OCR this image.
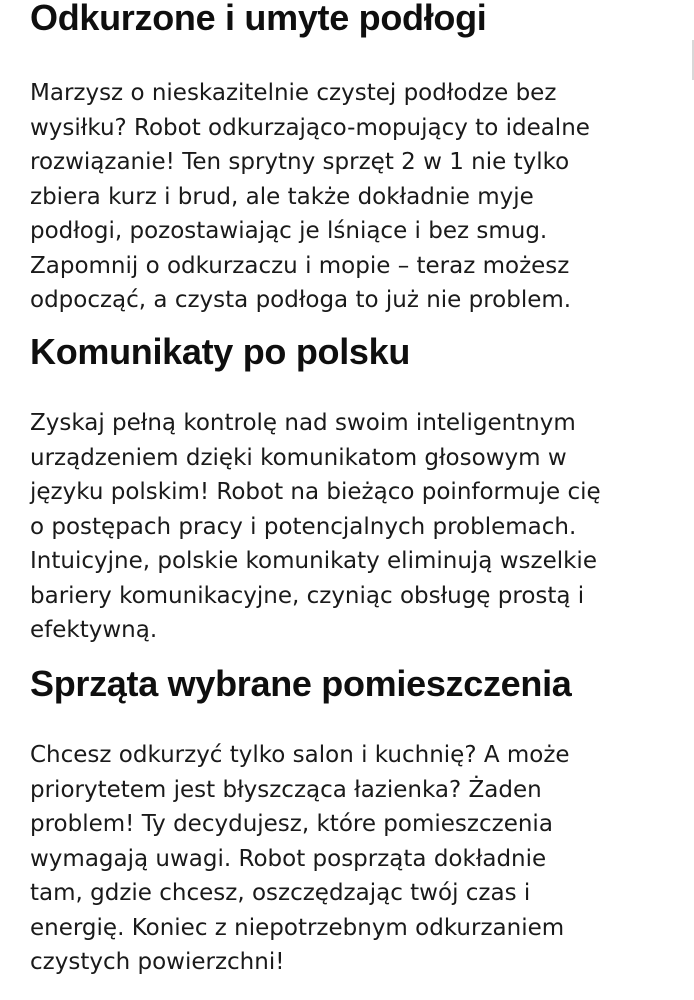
Odkurzone i umyte podłogi

Marzysz o nieskazitelnie czystej podłodze bez
wysiłku? Robot odkurzająco-mopujący to idealne
rozwiązanie! Ten sprytny sprzęt 2 w 1 nie tylko
zbiera kurz i brud, ale także dokładnie myje
podłogi, pozostawiając je lśniące i bez smug.
Zapomnij o odkurzaczu i mopie – teraz możesz
odpocząć, a czysta podłoga to już nie problem.

Komunikaty po polsku

Zyskaj pełną kontrolę nad swoim inteligentnym
urządzeniem dzięki komunikatom głosowym w
języku polskim! Robot na bieżąco poinformuje cię
o postępach pracy i potencjalnych problemach.
Intuicyjne, polskie komunikaty eliminują wszelkie
bariery komunikacyjne, czyniąc obsługę prostą i
efektywną.

Sprząta wybrane pomieszczenia

Chcesz odkurzyć tylko salon i kuchnię? A może
priorytetem jest błyszcząca łazienka? Żaden
problem! Ty decydujesz, które pomieszczenia
wymagają uwagi. Robot posprząta dokładnie
tam, gdzie chcesz, oszczędzając twój czas i
energię. Koniec z niepotrzebnym odkurzaniem
czystych powierzchni!
